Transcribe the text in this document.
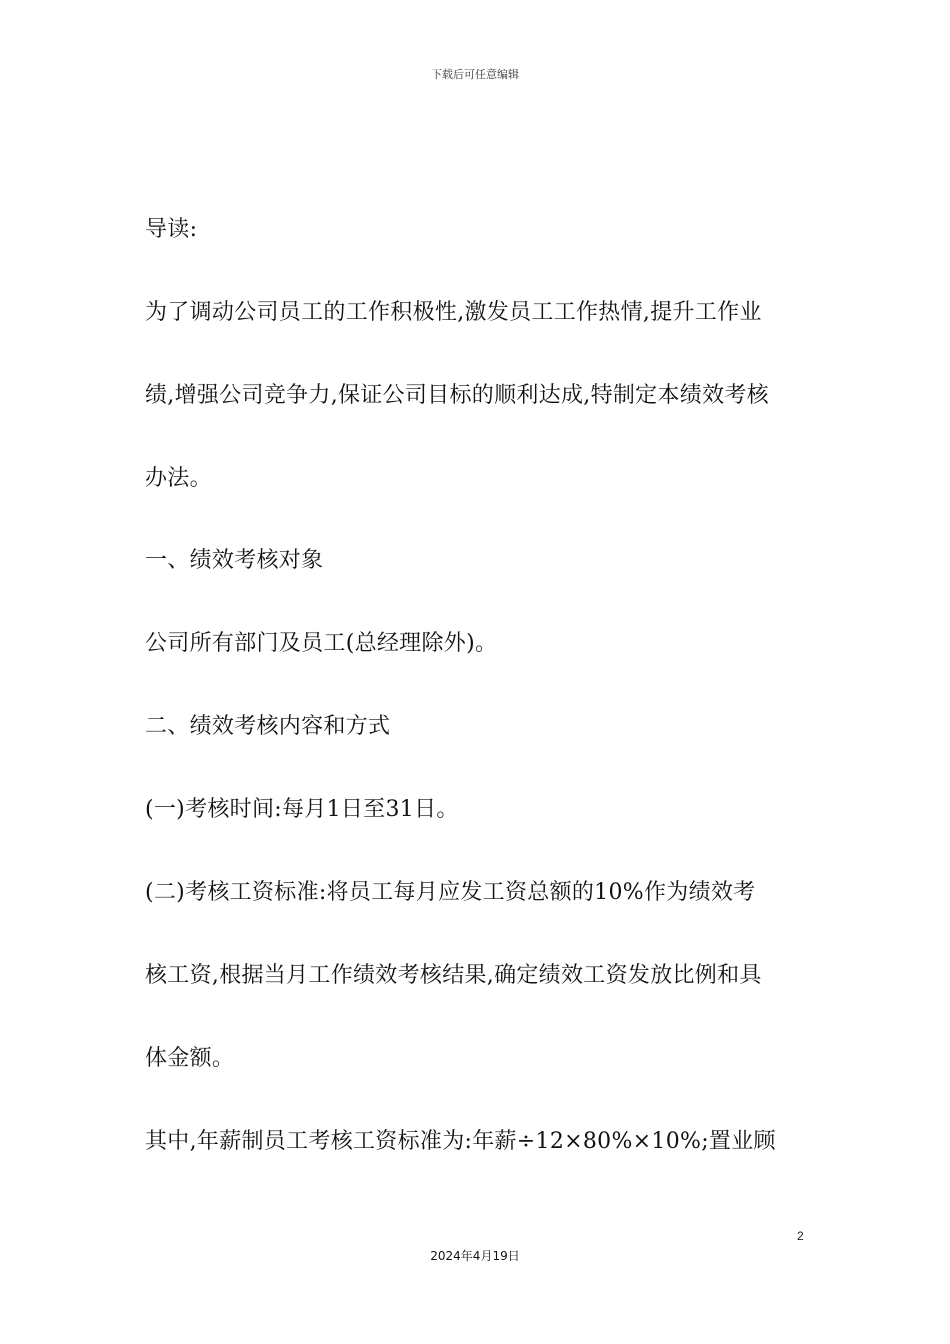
下载后可任意编辑
导读:
为了调动公司员工的工作积极性,激发员工工作热情,提升工作业
绩,增强公司竞争力,保证公司目标的顺利达成,特制定本绩效考核
办法。
一、绩效考核对象
公司所有部门及员工(总经理除外)。
二、绩效考核内容和方式
(一)考核时间:每月1日至31日。
(二)考核工资标准:将员工每月应发工资总额的10%作为绩效考
核工资,根据当月工作绩效考核结果,确定绩效工资发放比例和具
体金额。
其中,年薪制员工考核工资标准为:年薪÷12×80%×10%;置业顾
2
2024年4月19日
